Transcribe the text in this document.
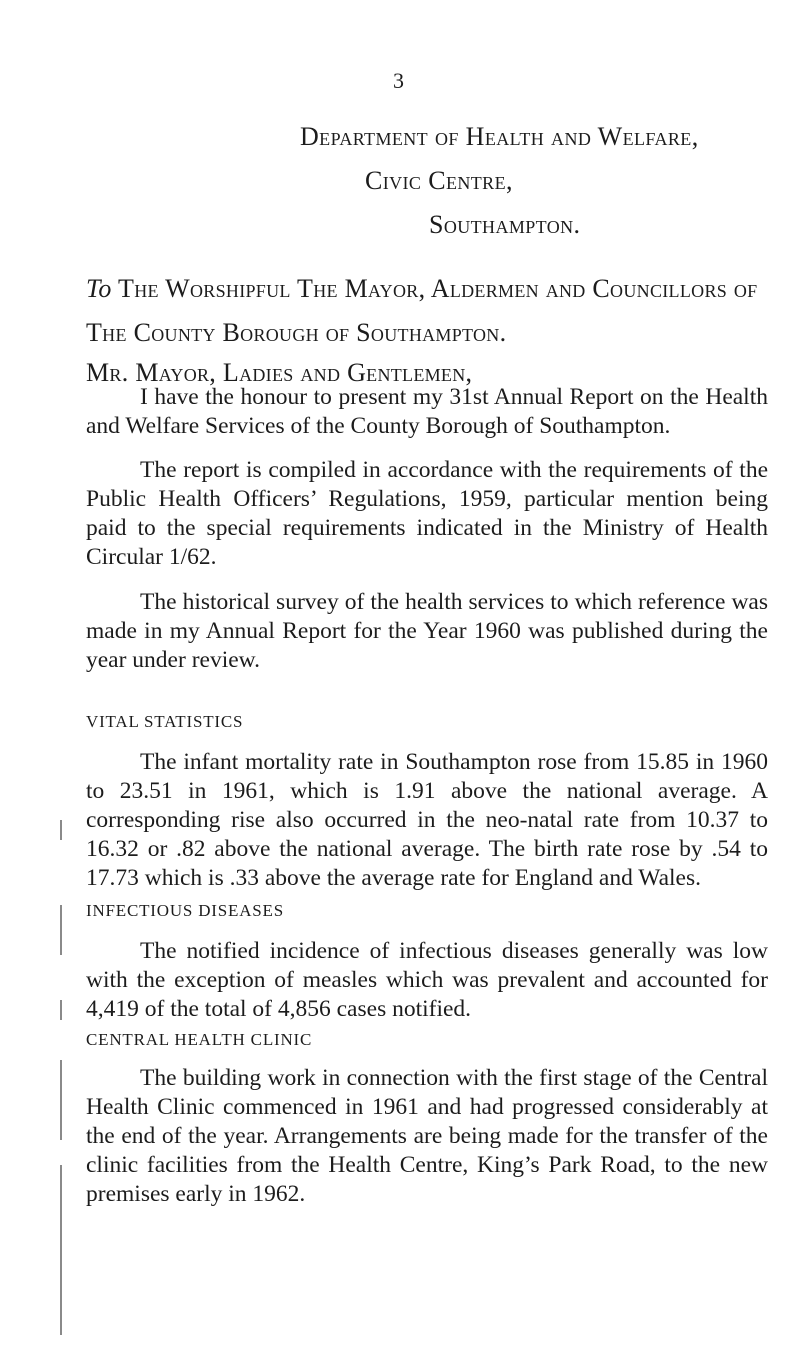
3
Department of Health and Welfare,
Civic Centre,
Southampton.
To The Worshipful The Mayor, Aldermen and Councillors of
The County Borough of Southampton.
Mr. Mayor, Ladies and Gentlemen,
I have the honour to present my 31st Annual Report on the Health and Welfare Services of the County Borough of Southampton.
The report is compiled in accordance with the requirements of the Public Health Officers’ Regulations, 1959, particular mention being paid to the special requirements indicated in the Ministry of Health Circular 1/62.
The historical survey of the health services to which reference was made in my Annual Report for the Year 1960 was published during the year under review.
VITAL STATISTICS
The infant mortality rate in Southampton rose from 15.85 in 1960 to 23.51 in 1961, which is 1.91 above the national average. A corresponding rise also occurred in the neo-natal rate from 10.37 to 16.32 or .82 above the national average. The birth rate rose by .54 to 17.73 which is .33 above the average rate for England and Wales.
INFECTIOUS DISEASES
The notified incidence of infectious diseases generally was low with the exception of measles which was prevalent and accounted for 4,419 of the total of 4,856 cases notified.
CENTRAL HEALTH CLINIC
The building work in connection with the first stage of the Central Health Clinic commenced in 1961 and had progressed considerably at the end of the year. Arrangements are being made for the transfer of the clinic facilities from the Health Centre, King’s Park Road, to the new premises early in 1962.
